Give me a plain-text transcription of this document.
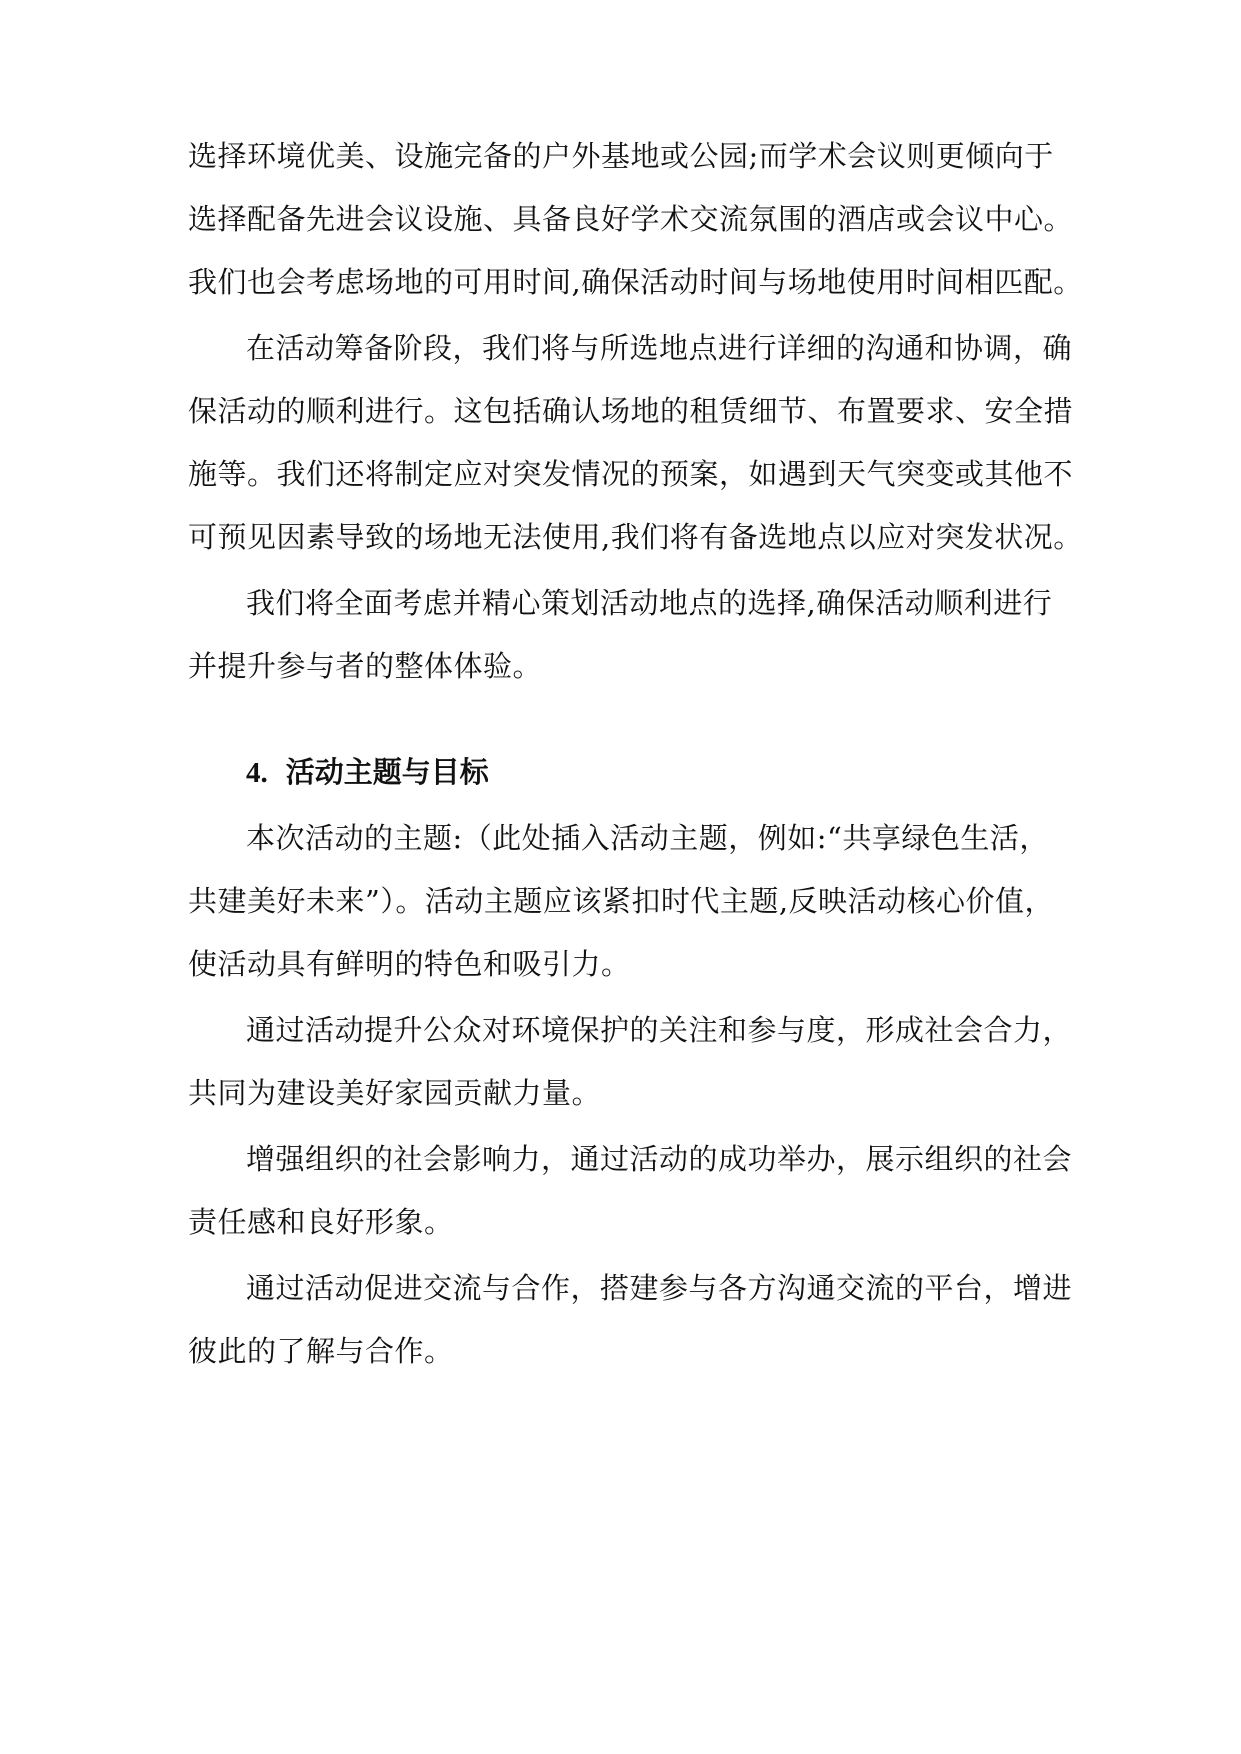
选择环境优美、设施完备的户外基地或公园;而学术会议则更倾向于
选择配备先进会议设施、具备良好学术交流氛围的酒店或会议中心。
我们也会考虑场地的可用时间,确保活动时间与场地使用时间相匹配。
在活动筹备阶段，我们将与所选地点进行详细的沟通和协调，确
保活动的顺利进行。这包括确认场地的租赁细节、布置要求、安全措
施等。我们还将制定应对突发情况的预案，如遇到天气突变或其他不
可预见因素导致的场地无法使用,我们将有备选地点以应对突发状况。
我们将全面考虑并精心策划活动地点的选择,确保活动顺利进行
并提升参与者的整体体验。
4. 活动主题与目标
本次活动的主题:（此处插入活动主题，例如:“共享绿色生活，
共建美好未来”）。活动主题应该紧扣时代主题,反映活动核心价值，
使活动具有鲜明的特色和吸引力。
通过活动提升公众对环境保护的关注和参与度，形成社会合力，
共同为建设美好家园贡献力量。
增强组织的社会影响力，通过活动的成功举办，展示组织的社会
责任感和良好形象。
通过活动促进交流与合作，搭建参与各方沟通交流的平台，增进
彼此的了解与合作。
